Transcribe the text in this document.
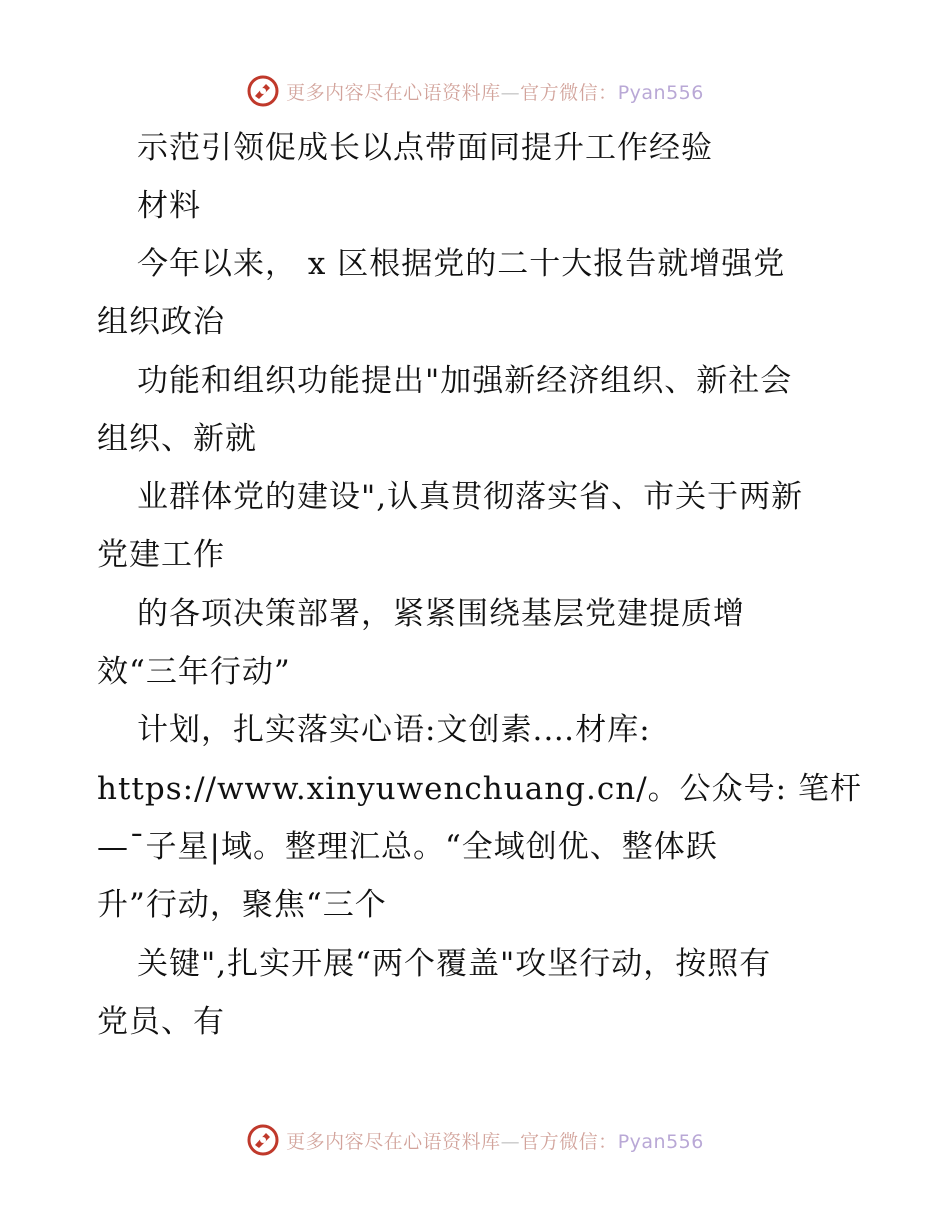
更多内容尽在心语资料库—官方微信：Pyan556
示范引领促成长以点带面同提升工作经验
材料
今年以来， x 区根据党的二十大报告就增强党
组织政治
功能和组织功能提出"加强新经济组织、新社会
组织、新就
业群体党的建设",认真贯彻落实省、市关于两新
党建工作
的各项决策部署，紧紧围绕基层党建提质增
效“三年行动”
计划，扎实落实心语:文创素.…材库:
https://www.xinyuwenchuang.cn/。公众号: 笔杆
—¯子星|域。整理汇总。“全域创优、整体跃
升”行动，聚焦“三个
关键",扎实开展“两个覆盖"攻坚行动，按照有
党员、有
更多内容尽在心语资料库—官方微信：Pyan556
